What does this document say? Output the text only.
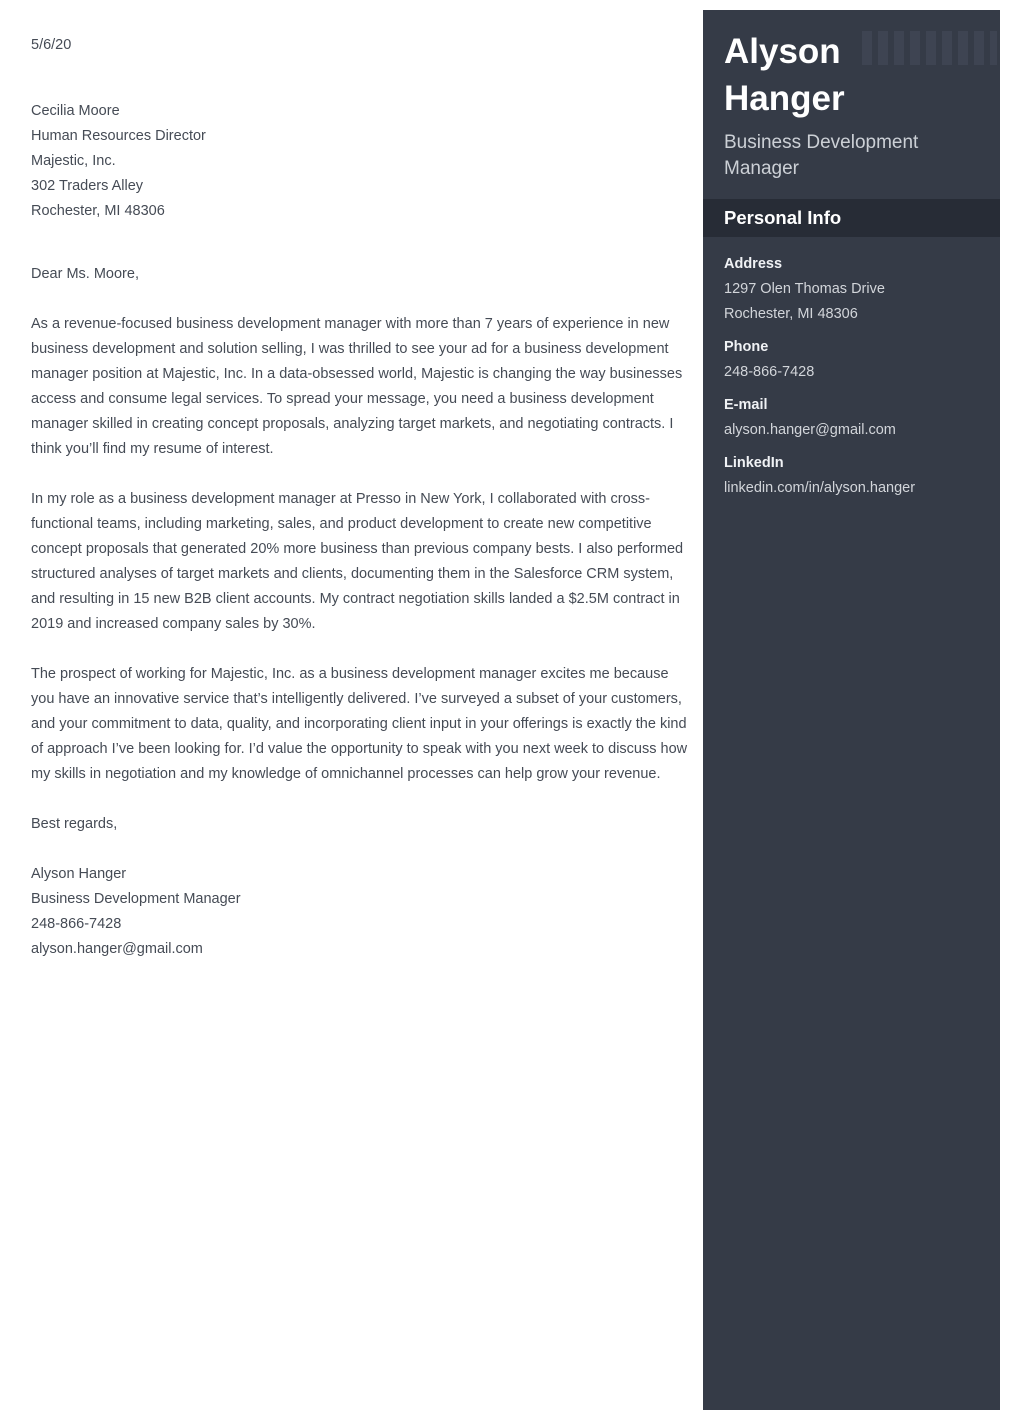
5/6/20
Cecilia Moore
Human Resources Director
Majestic, Inc.
302 Traders Alley
Rochester, MI 48306
Dear Ms. Moore,

As a revenue-focused business development manager with more than 7 years of experience in new business development and solution selling, I was thrilled to see your ad for a business development manager position at Majestic, Inc. In a data-obsessed world, Majestic is changing the way businesses access and consume legal services. To spread your message, you need a business development manager skilled in creating concept proposals, analyzing target markets, and negotiating contracts. I think you’ll find my resume of interest.

In my role as a business development manager at Presso in New York, I collaborated with cross-functional teams, including marketing, sales, and product development to create new competitive concept proposals that generated 20% more business than previous company bests. I also performed structured analyses of target markets and clients, documenting them in the Salesforce CRM system, and resulting in 15 new B2B client accounts. My contract negotiation skills landed a $2.5M contract in 2019 and increased company sales by 30%.

The prospect of working for Majestic, Inc. as a business development manager excites me because you have an innovative service that’s intelligently delivered. I’ve surveyed a subset of your customers, and your commitment to data, quality, and incorporating client input in your offerings is exactly the kind of approach I’ve been looking for. I’d value the opportunity to speak with you next week to discuss how my skills in negotiation and my knowledge of omnichannel processes can help grow your revenue.

Best regards,
Alyson Hanger
Business Development Manager
248-866-7428
alyson.hanger@gmail.com
Alyson Hanger
Business Development Manager
Personal Info
Address
1297 Olen Thomas Drive
Rochester, MI 48306
Phone
248-866-7428
E-mail
alyson.hanger@gmail.com
LinkedIn
linkedin.com/in/alyson.hanger
